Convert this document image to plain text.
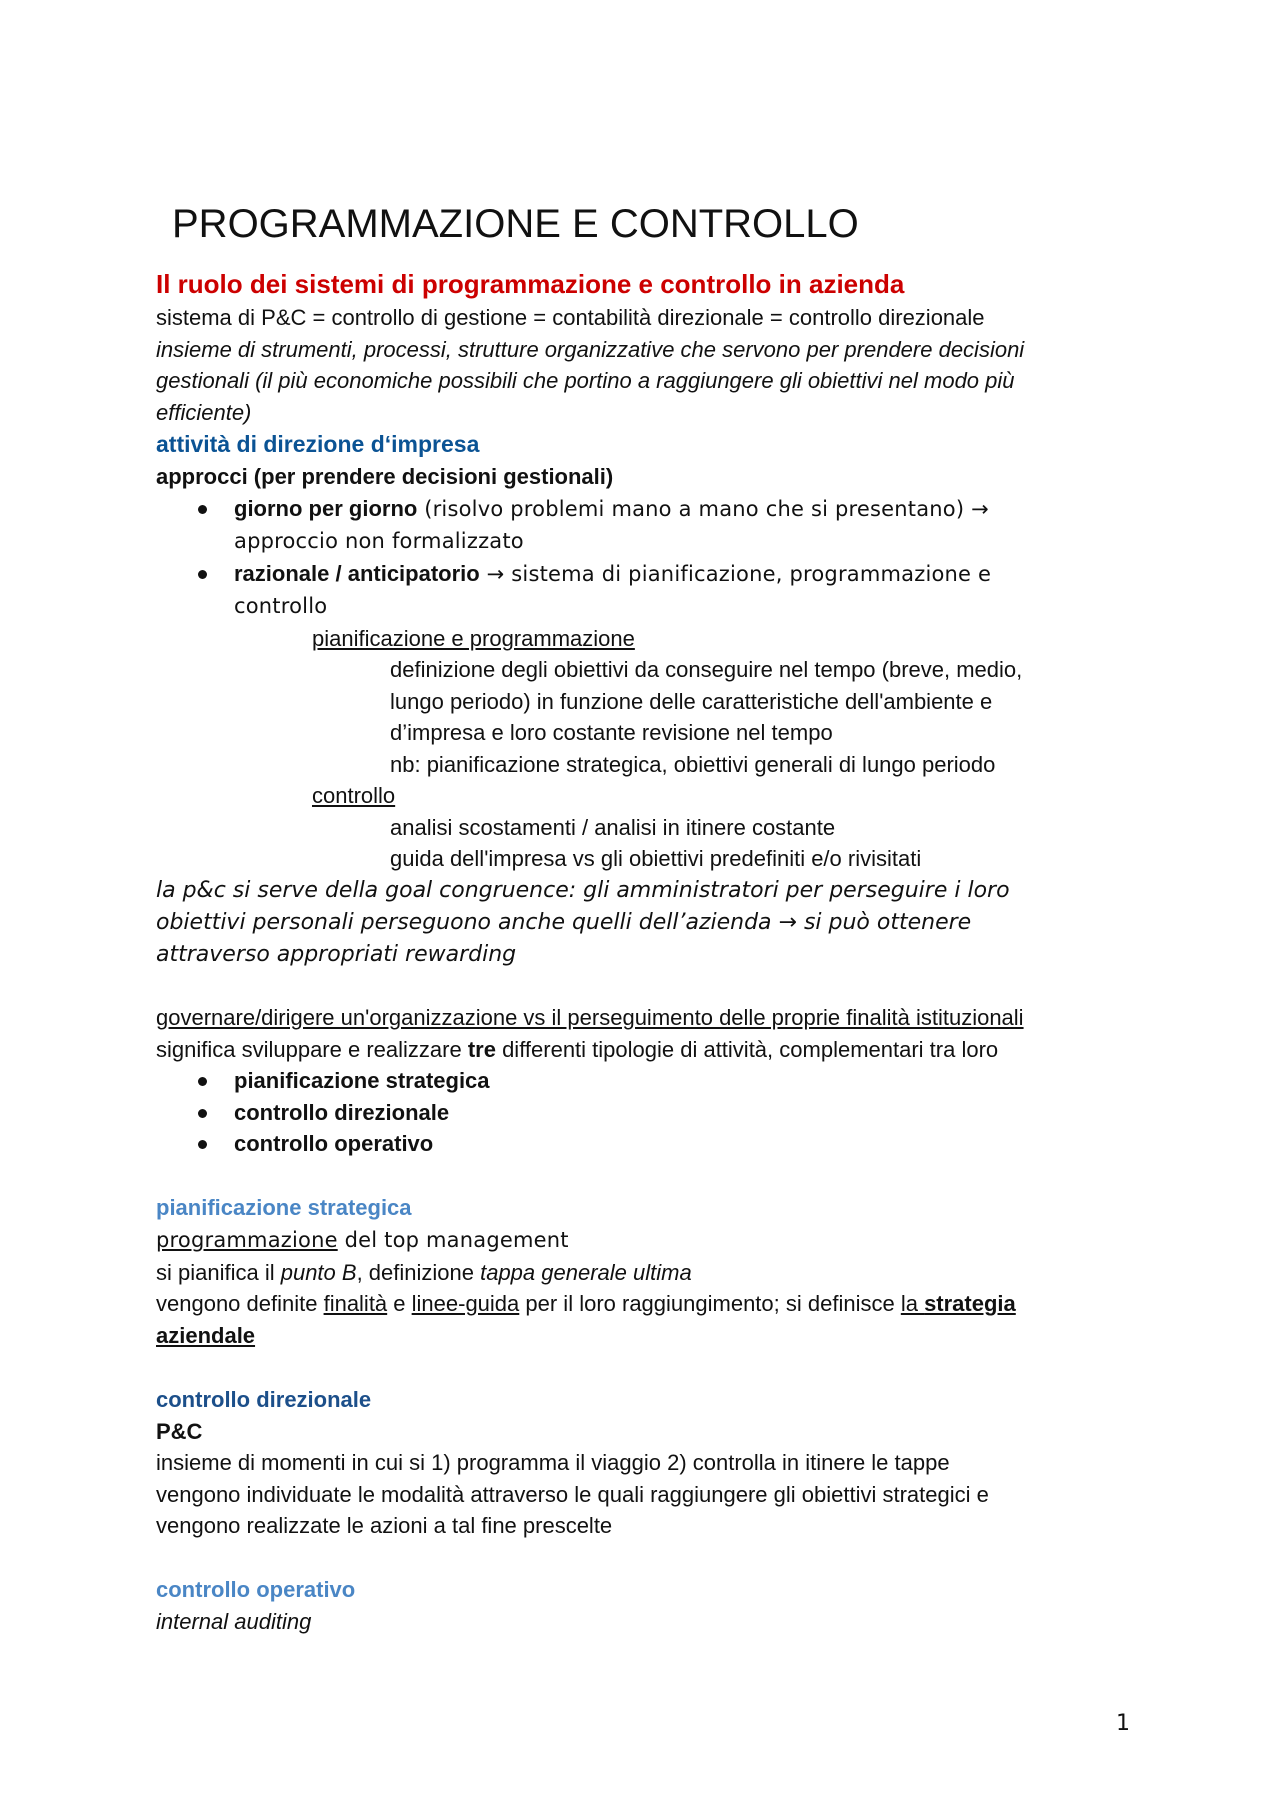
PROGRAMMAZIONE E CONTROLLO

Il ruolo dei sistemi di programmazione e controllo in azienda

sistema di P&C = controllo di gestione = contabilità direzionale = controllo direzionale

insieme di strumenti, processi, strutture organizzative che servono per prendere decisioni

gestionali (il più economiche possibili che portino a raggiungere gli obiettivi nel modo più

efficiente)

attività di direzione d‘impresa

approcci (per prendere decisioni gestionali)

giorno per giorno (risolvo problemi mano a mano che si presentano) →
approccio non formalizzato
razionale / anticipatorio → sistema di pianificazione, programmazione e
controllo

pianificazione e programmazione

definizione degli obiettivi da conseguire nel tempo (breve, medio,

lungo periodo) in funzione delle caratteristiche dell'ambiente e

d’impresa e loro costante revisione nel tempo

nb: pianificazione strategica, obiettivi generali di lungo periodo

controllo

analisi scostamenti / analisi in itinere costante

guida dell'impresa vs gli obiettivi predefiniti e/o rivisitati

la p&c si serve della goal congruence: gli amministratori per perseguire i loro

obiettivi personali perseguono anche quelli dell’azienda → si può ottenere

attraverso appropriati rewarding

governare/dirigere un'organizzazione vs il perseguimento delle proprie finalità istituzionali

significa sviluppare e realizzare tre differenti tipologie di attività, complementari tra loro

pianificazione strategica
controllo direzionale
controllo operativo

pianificazione strategica

programmazione del top management

si pianifica il punto B, definizione tappa generale ultima

vengono definite finalità e linee-guida per il loro raggiungimento; si definisce la strategia

aziendale

controllo direzionale

P&C

insieme di momenti in cui si 1) programma il viaggio 2) controlla in itinere le tappe

vengono individuate le modalità attraverso le quali raggiungere gli obiettivi strategici e

vengono realizzate le azioni a tal fine prescelte

controllo operativo

internal auditing

1
